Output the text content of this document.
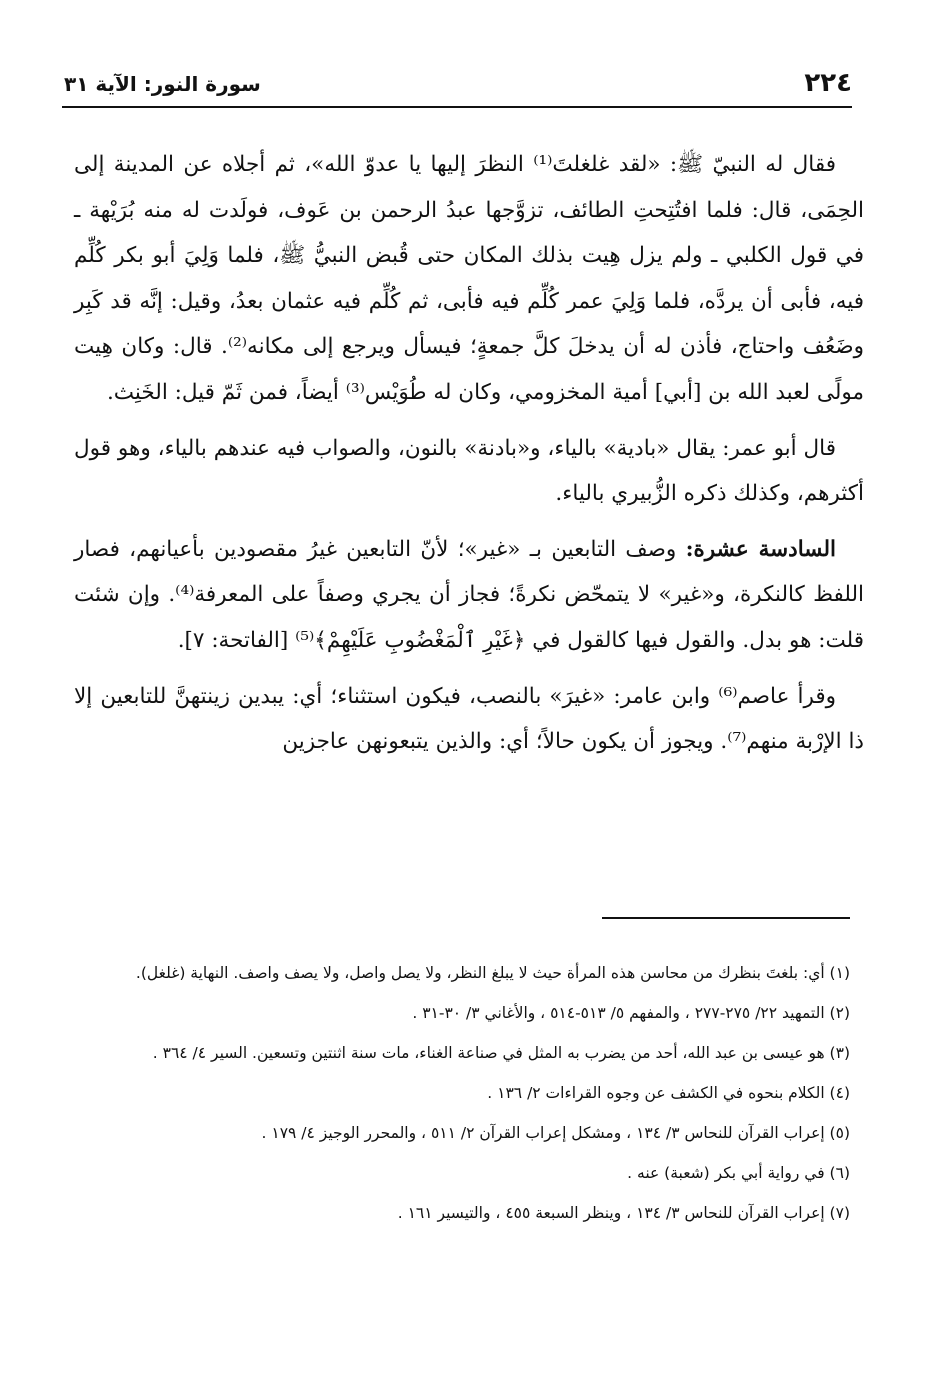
٢٢٤
سورة النور: الآية ٣١

فقال له النبيّ ﷺ: «لقد غلغلتَ⁽¹⁾ النظرَ إليها يا عدوّ الله»، ثم أجلاه عن المدينة إلى الحِمَى، قال: فلما افتُتِحتِ الطائف، تزوَّجها عبدُ الرحمن بن عَوف، فولَدت له منه بُرَيْهة ـ في قول الكلبي ـ ولم يزل هِيت بذلك المكان حتى قُبض النبيُّ ﷺ، فلما وَلِيَ أبو بكر كُلِّم فيه، فأبى أن يردَّه، فلما وَلِيَ عمر كُلِّم فيه فأبى، ثم كُلِّم فيه عثمان بعدُ، وقيل: إنَّه قد كَبِر وضَعُف واحتاج، فأذن له أن يدخلَ كلَّ جمعةٍ؛ فيسأل ويرجع إلى مكانه⁽²⁾. قال: وكان هِيت مولًى لعبد الله بن [أبي] أمية المخزومي، وكان له طُوَيْس⁽³⁾ أيضاً، فمن ثَمّ قيل: الخَنِث.

قال أبو عمر: يقال «بادية» بالياء، و«بادنة» بالنون، والصواب فيه عندهم بالياء، وهو قول أكثرهم، وكذلك ذكره الزُّبيري بالياء.

السادسة عشرة: وصف التابعين بـ «غير»؛ لأنّ التابعين غيرُ مقصودين بأعيانهم، فصار اللفظ كالنكرة، و«غير» لا يتمحّض نكرةً؛ فجاز أن يجري وصفاً على المعرفة⁽⁴⁾. وإن شئت قلت: هو بدل. والقول فيها كالقول في ﴿غَيْرِ ٱلْمَغْضُوبِ عَلَيْهِمْ﴾⁽⁵⁾ [الفاتحة: ٧].

وقرأ عاصم⁽⁶⁾ وابن عامر: «غيرَ» بالنصب، فيكون استثناء؛ أي: يبدين زينتهنَّ للتابعين إلا ذا الإرْبة منهم⁽⁷⁾. ويجوز أن يكون حالاً؛ أي: والذين يتبعونهن عاجزين

(١) أي: بلغتَ بنظرك من محاسن هذه المرأة حيث لا يبلغ النظر، ولا يصل واصل، ولا يصف واصف. النهاية (غلغل).

(٢) التمهيد ٢٢/ ٢٧٥-٢٧٧ ، والمفهم ٥/ ٥١٣-٥١٤ ، والأغاني ٣/ ٣٠-٣١ .

(٣) هو عيسى بن عبد الله، أحد من يضرب به المثل في صناعة الغناء، مات سنة اثنتين وتسعين. السير ٤/ ٣٦٤ .

(٤) الكلام بنحوه في الكشف عن وجوه القراءات ٢/ ١٣٦ .

(٥) إعراب القرآن للنحاس ٣/ ١٣٤ ، ومشكل إعراب القرآن ٢/ ٥١١ ، والمحرر الوجيز ٤/ ١٧٩ .

(٦) في رواية أبي بكر (شعبة) عنه .

(٧) إعراب القرآن للنحاس ٣/ ١٣٤ ، وينظر السبعة ٤٥٥ ، والتيسير ١٦١ .
